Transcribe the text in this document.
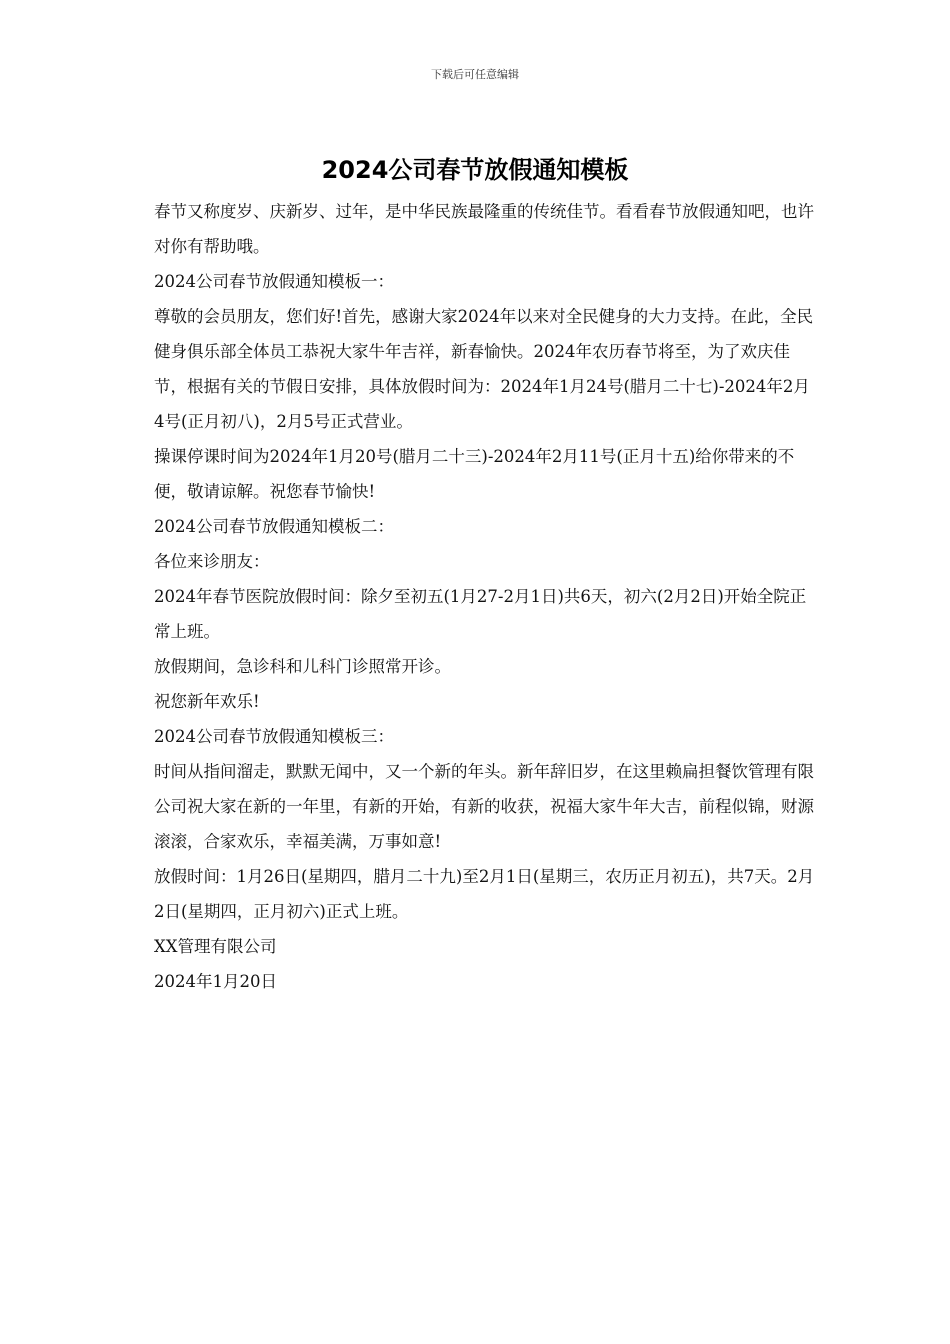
下载后可任意编辑
2024公司春节放假通知模板

春节又称度岁、庆新岁、过年，是中华民族最隆重的传统佳节。看看春节放假通知吧，也许对你有帮助哦。

2024公司春节放假通知模板一：

尊敬的会员朋友，您们好!首先，感谢大家2024年以来对全民健身的大力支持。在此，全民健身俱乐部全体员工恭祝大家牛年吉祥，新春愉快。2024年农历春节将至，为了欢庆佳节，根据有关的节假日安排，具体放假时间为：2024年1月24号(腊月二十七)-2024年2月4号(正月初八)，2月5号正式营业。

操课停课时间为2024年1月20号(腊月二十三)-2024年2月11号(正月十五)给你带来的不便，敬请谅解。祝您春节愉快!

2024公司春节放假通知模板二：

各位来诊朋友：

2024年春节医院放假时间：除夕至初五(1月27-2月1日)共6天，初六(2月2日)开始全院正常上班。

放假期间，急诊科和儿科门诊照常开诊。

祝您新年欢乐!

2024公司春节放假通知模板三：

时间从指间溜走，默默无闻中，又一个新的年头。新年辞旧岁，在这里赖扁担餐饮管理有限公司祝大家在新的一年里，有新的开始，有新的收获，祝福大家牛年大吉，前程似锦，财源滚滚，合家欢乐，幸福美满，万事如意!

放假时间：1月26日(星期四，腊月二十九)至2月1日(星期三，农历正月初五)，共7天。2月2日(星期四，正月初六)正式上班。

XX管理有限公司

2024年1月20日
